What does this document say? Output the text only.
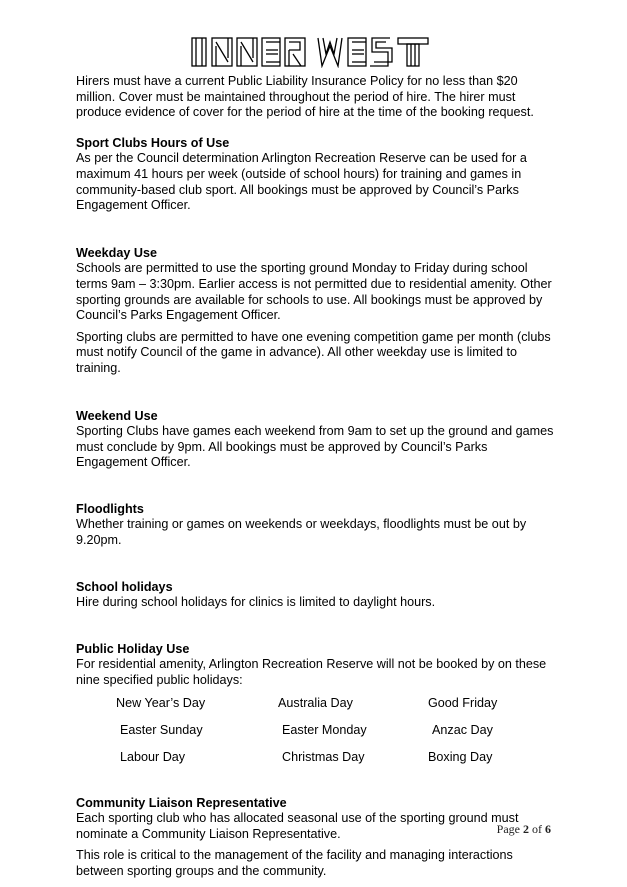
Hirers must have a current Public Liability Insurance Policy for no less than $20 million. Cover must be maintained throughout the period of hire. The hirer must produce evidence of cover for the period of hire at the time of the booking request.

Sport Clubs Hours of Use

As per the Council determination Arlington Recreation Reserve can be used for a maximum 41 hours per week (outside of school hours) for training and games in community-based club sport. All bookings must be approved by Council’s Parks Engagement Officer.

Weekday Use

Schools are permitted to use the sporting ground Monday to Friday during school terms 9am – 3:30pm. Earlier access is not permitted due to residential amenity. Other sporting grounds are available for schools to use. All bookings must be approved by Council’s Parks Engagement Officer.

Sporting clubs are permitted to have one evening competition game per month (clubs must notify Council of the game in advance). All other weekday use is limited to training.

Weekend Use

Sporting Clubs have games each weekend from 9am to set up the ground and games must conclude by 9pm. All bookings must be approved by Council’s Parks Engagement Officer.

Floodlights

Whether training or games on weekends or weekdays, floodlights must be out by 9.20pm.

School holidays

Hire during school holidays for clinics is limited to daylight hours.

Public Holiday Use

For residential amenity, Arlington Recreation Reserve will not be booked by on these nine specified public holidays:

New Year’s Day	Australia Day	Good Friday
Easter Sunday	Easter Monday	Anzac Day
Labour Day	Christmas Day	Boxing Day
Community Liaison Representative

Each sporting club who has allocated seasonal use of the sporting ground must nominate a Community Liaison Representative.

This role is critical to the management of the facility and managing interactions between sporting groups and the community.

Page 2 of 6
